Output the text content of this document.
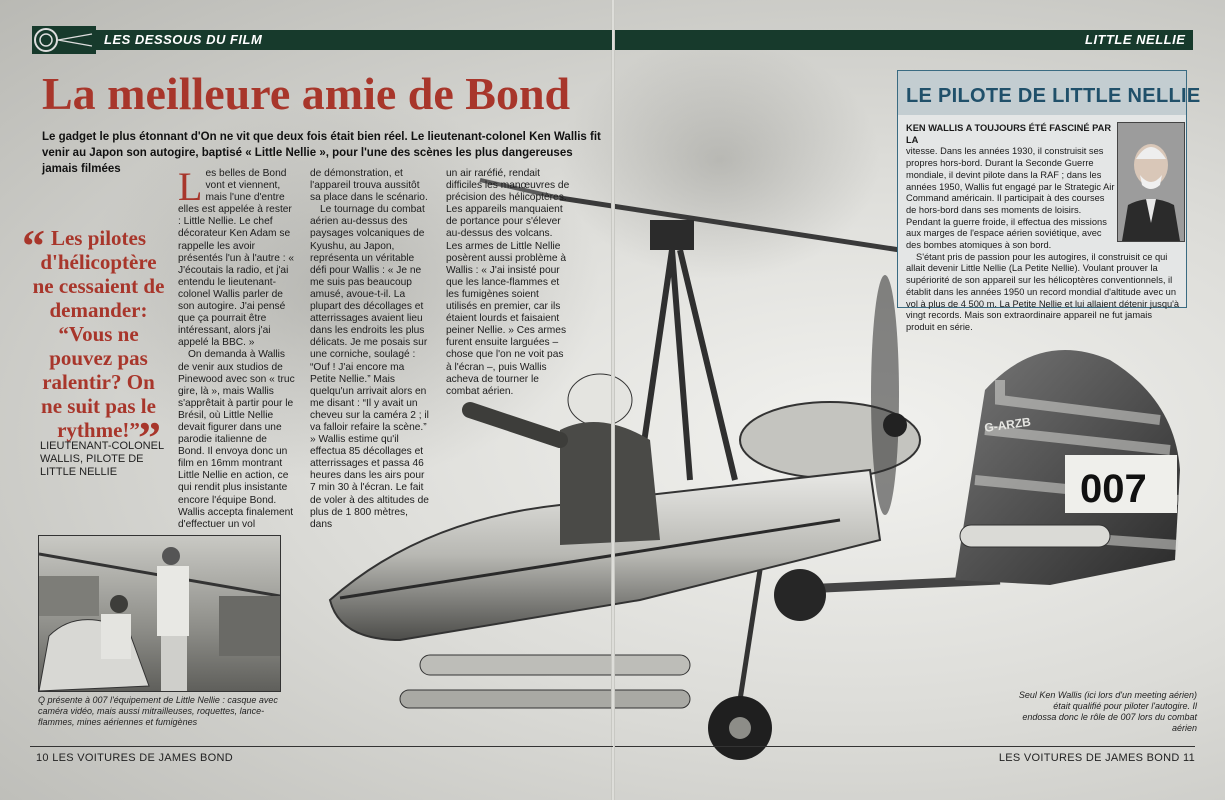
007
G-ARZB
LES DESSOUS DU FILM	LITTLE NELLIE
La meilleure amie de Bond
Le gadget le plus étonnant d'On ne vit que deux fois était bien réel. Le lieutenant-colonel Ken Wallis fit venir au Japon son autogire, baptisé « Little Nellie », pour l'une des scènes les plus dangereuses jamais filmées
“ Les pilotes d'hélicoptère ne cessaient de demander: “Vous ne pouvez pas ralentir? On ne suit pas le rythme!”

”
LIEUTENANT-COLONEL WALLIS, PILOTE DE LITTLE NELLIE
L es belles de Bond vont et viennent, mais l'une d'entre elles est appelée à rester : Little Nellie. Le chef décorateur Ken Adam se rappelle les avoir présentés l'un à l'autre : « J'écoutais la radio, et j'ai entendu le lieutenant-colonel Wallis parler de son autogire. J'ai pensé que ça pourrait être intéressant, alors j'ai appelé la BBC. »

On demanda à Wallis de venir aux studios de Pinewood avec son « truc gire, là », mais Wallis s'apprêtait à partir pour le Brésil, où Little Nellie devait figurer dans une parodie italienne de Bond. Il envoya donc un film en 16mm montrant Little Nellie en action, ce qui rendit plus insistante encore l'équipe Bond. Wallis accepta finalement d'effectuer un vol

de démonstration, et l'appareil trouva aussitôt sa place dans le scénario.

Le tournage du combat aérien au-dessus des paysages volcaniques de Kyushu, au Japon, représenta un véritable défi pour Wallis : « Je ne me suis pas beaucoup amusé, avoue-t-il. La plupart des décollages et atterrissages avaient lieu dans les endroits les plus délicats. Je me posais sur une corniche, soulagé : “Ouf ! J'ai encore ma Petite Nellie.” Mais quelqu'un arrivait alors en me disant : “Il y avait un cheveu sur la caméra 2 ; il va falloir refaire la scène.” » Wallis estime qu'il effectua 85 décollages et atterrissages et passa 46 heures dans les airs pour 7 min 30 à l'écran. Le fait de voler à des altitudes de plus de 1 800 mètres, dans

un air raréfié, rendait difficiles les manœuvres de précision des hélicoptères. Les appareils manquaient de portance pour s'élever au-dessus des volcans. Les armes de Little Nellie posèrent aussi problème à Wallis : « J'ai insisté pour que les lance-flammes et les fumigènes soient utilisés en premier, car ils étaient lourds et faisaient peiner Nellie. » Ces armes furent ensuite larguées – chose que l'on ne voit pas à l'écran –, puis Wallis acheva de tourner le combat aérien.

Q présente à 007 l'équipement de Little Nellie : casque avec caméra vidéo, mais aussi mitrailleuses, roquettes, lance-flammes, mines aériennes et fumigènes
Seul Ken Wallis (ici lors d'un meeting aérien) était qualifié pour piloter l'autogire. Il endossa donc le rôle de 007 lors du combat aérien
LE PILOTE DE LITTLE NELLIE
KEN WALLIS A TOUJOURS ÉTÉ FASCINÉ PAR LA
vitesse. Dans les années 1930, il construisit ses propres hors-bord. Durant la Seconde Guerre mondiale, il devint pilote dans la RAF ; dans les années 1950, Wallis fut engagé par le Strategic Air Command américain. Il participait à des courses de hors-bord dans ses moments de loisirs. Pendant la guerre froide, il effectua des missions aux marges de l'espace aérien soviétique, avec des bombes atomiques à son bord.
S'étant pris de passion pour les autogires, il construisit ce qui allait devenir Little Nellie (La Petite Nellie). Voulant prouver la supériorité de son appareil sur les hélicoptères conventionnels, il établit dans les années 1950 un record mondial d'altitude avec un vol à plus de 4 500 m. La Petite Nellie et lui allaient détenir jusqu'à vingt records. Mais son extraordinaire appareil ne fut jamais produit en série.
10 LES VOITURES DE JAMES BOND	LES VOITURES DE JAMES BOND 11
